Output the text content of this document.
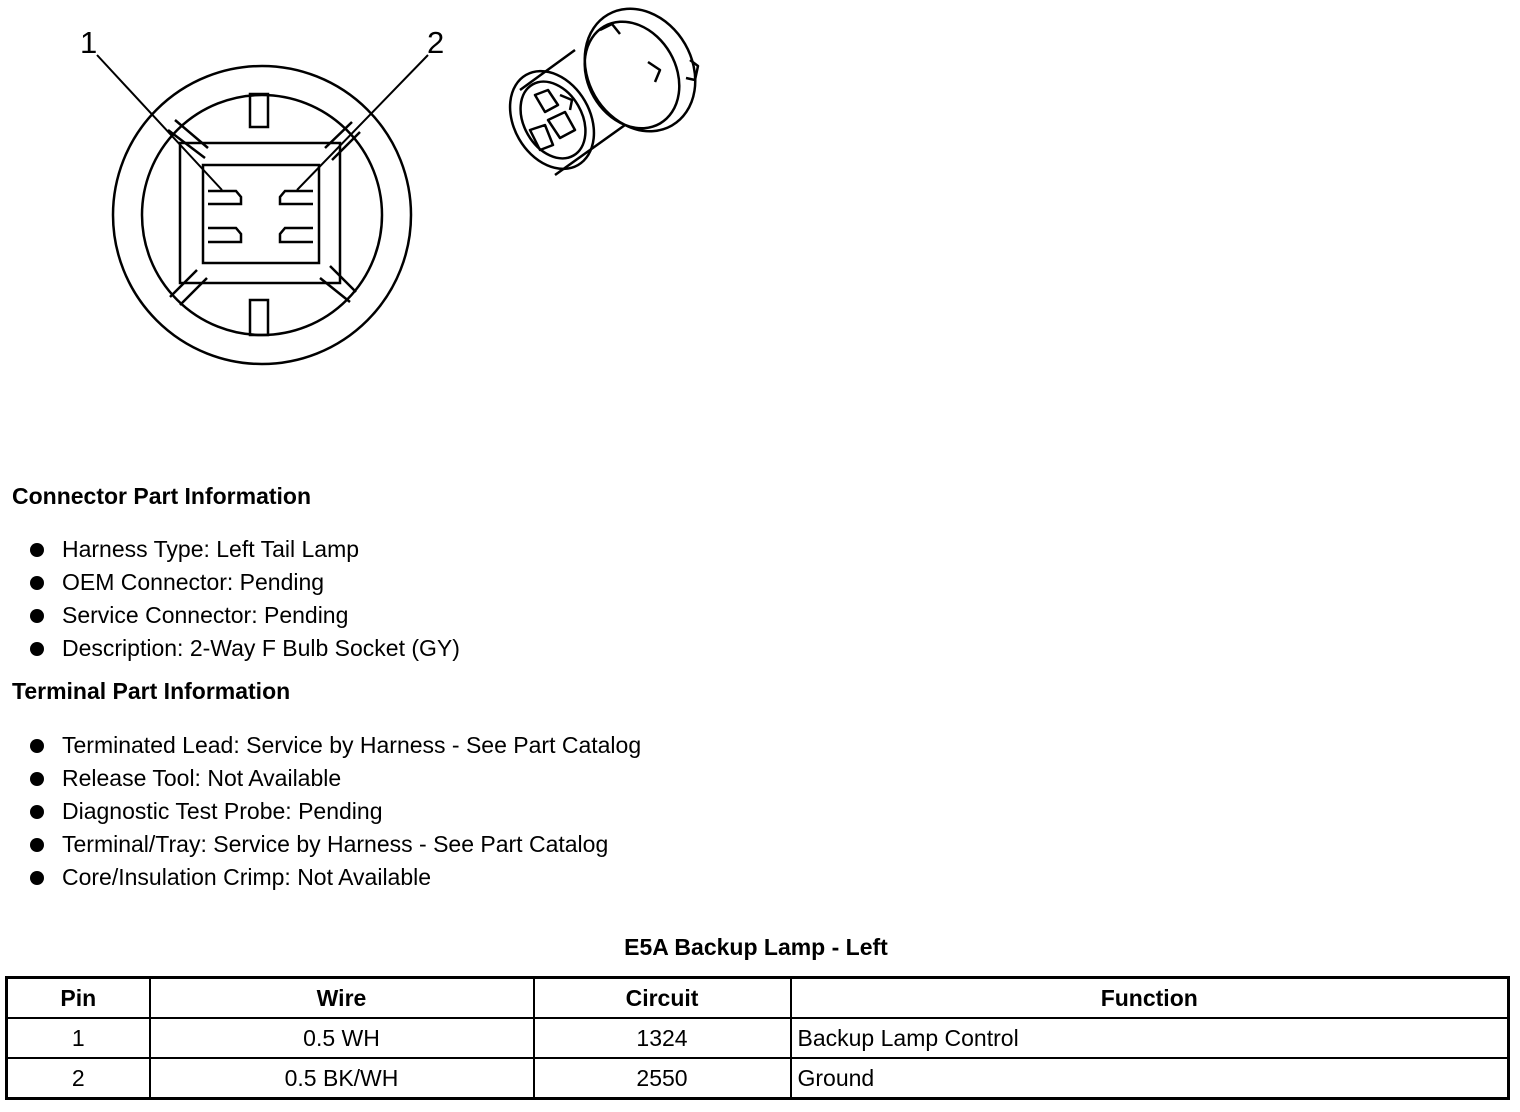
1	2
Connector Part Information
Harness Type: Left Tail Lamp
OEM Connector: Pending
Service Connector: Pending
Description: 2-Way F Bulb Socket (GY)
Terminal Part Information
Terminated Lead: Service by Harness - See Part Catalog
Release Tool: Not Available
Diagnostic Test Probe: Pending
Terminal/Tray: Service by Harness - See Part Catalog
Core/Insulation Crimp: Not Available
E5A Backup Lamp - Left
Pin	Wire	Circuit	Function
1	0.5 WH	1324	Backup Lamp Control
2	0.5 BK/WH	2550	Ground
